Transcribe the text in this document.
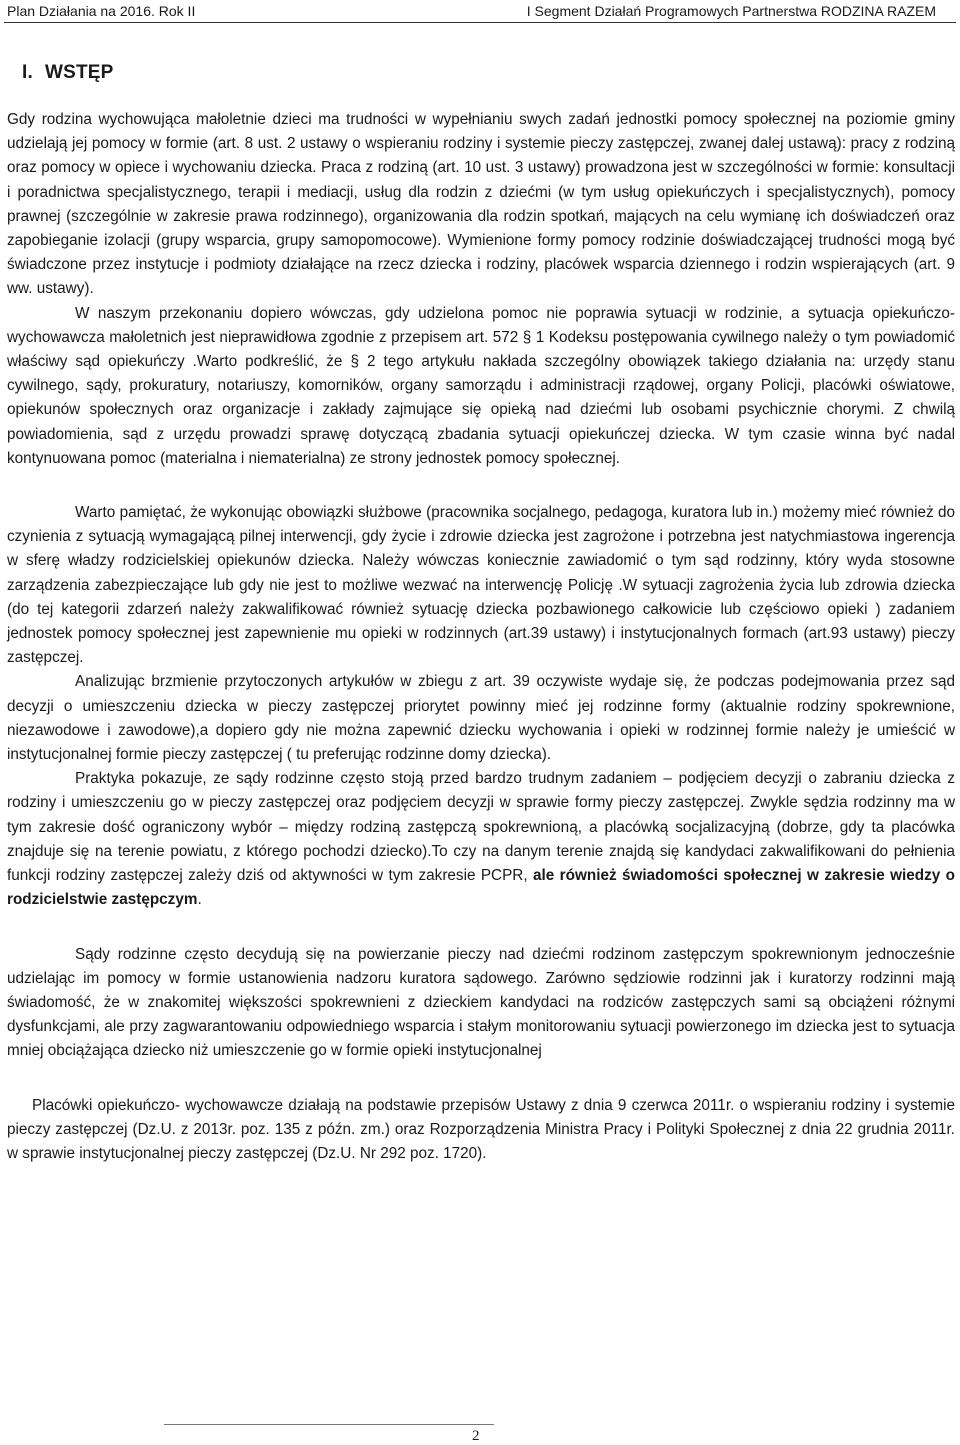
Plan Działania na 2016. Rok II	I Segment Działań Programowych Partnerstwa RODZINA RAZEM
I. WSTĘP

Gdy rodzina wychowująca małoletnie dzieci ma trudności w wypełnianiu swych zadań jednostki pomocy społecznej na poziomie gminy udzielają jej pomocy w formie (art. 8 ust. 2 ustawy o wspieraniu rodziny i systemie pieczy zastępczej, zwanej dalej ustawą): pracy z rodziną oraz pomocy w opiece i wychowaniu dziecka. Praca z rodziną (art. 10 ust. 3 ustawy) prowadzona jest w szczególności w formie: konsultacji i poradnictwa specjalistycznego, terapii i mediacji, usług dla rodzin z dziećmi (w tym usług opiekuńczych i specjalistycznych), pomocy prawnej (szczególnie w zakresie prawa rodzinnego), organizowania dla rodzin spotkań, mających na celu wymianę ich doświadczeń oraz zapobieganie izolacji (grupy wsparcia, grupy samopomocowe). Wymienione formy pomocy rodzinie doświadczającej trudności mogą być świadczone przez instytucje i podmioty działające na rzecz dziecka i rodziny, placówek wsparcia dziennego i rodzin wspierających (art. 9 ww. ustawy).

W naszym przekonaniu dopiero wówczas, gdy udzielona pomoc nie poprawia sytuacji w rodzinie, a sytuacja opiekuńczo-wychowawcza małoletnich jest nieprawidłowa zgodnie z przepisem art. 572 § 1 Kodeksu postępowania cywilnego należy o tym powiadomić właściwy sąd opiekuńczy .Warto podkreślić, że § 2 tego artykułu nakłada szczególny obowiązek takiego działania na: urzędy stanu cywilnego, sądy, prokuratury, notariuszy, komorników, organy samorządu i administracji rządowej, organy Policji, placówki oświatowe, opiekunów społecznych oraz organizacje i zakłady zajmujące się opieką nad dziećmi lub osobami psychicznie chorymi. Z chwilą powiadomienia, sąd z urzędu prowadzi sprawę dotyczącą zbadania sytuacji opiekuńczej dziecka. W tym czasie winna być nadal kontynuowana pomoc (materialna i niematerialna) ze strony jednostek pomocy społecznej.

Warto pamiętać, że wykonując obowiązki służbowe (pracownika socjalnego, pedagoga, kuratora lub in.) możemy mieć również do czynienia z sytuacją wymagającą pilnej interwencji, gdy życie i zdrowie dziecka jest zagrożone i potrzebna jest natychmiastowa ingerencja w sferę władzy rodzicielskiej opiekunów dziecka. Należy wówczas koniecznie zawiadomić o tym sąd rodzinny, który wyda stosowne zarządzenia zabezpieczające lub gdy nie jest to możliwe wezwać na interwencję Policję .W sytuacji zagrożenia życia lub zdrowia dziecka (do tej kategorii zdarzeń należy zakwalifikować również sytuację dziecka pozbawionego całkowicie lub częściowo opieki ) zadaniem jednostek pomocy społecznej jest zapewnienie mu opieki w rodzinnych (art.39 ustawy) i instytucjonalnych formach (art.93 ustawy) pieczy zastępczej.

Analizując brzmienie przytoczonych artykułów w zbiegu z art. 39 oczywiste wydaje się, że podczas podejmowania przez sąd decyzji o umieszczeniu dziecka w pieczy zastępczej priorytet powinny mieć jej rodzinne formy (aktualnie rodziny spokrewnione, niezawodowe i zawodowe),a dopiero gdy nie można zapewnić dziecku wychowania i opieki w rodzinnej formie należy je umieścić w instytucjonalnej formie pieczy zastępczej ( tu preferując rodzinne domy dziecka).

Praktyka pokazuje, ze sądy rodzinne często stoją przed bardzo trudnym zadaniem – podjęciem decyzji o zabraniu dziecka z rodziny i umieszczeniu go w pieczy zastępczej oraz podjęciem decyzji w sprawie formy pieczy zastępczej. Zwykle sędzia rodzinny ma w tym zakresie dość ograniczony wybór – między rodziną zastępczą spokrewnioną, a placówką socjalizacyjną (dobrze, gdy ta placówka znajduje się na terenie powiatu, z którego pochodzi dziecko).To czy na danym terenie znajdą się kandydaci zakwalifikowani do pełnienia funkcji rodziny zastępczej zależy dziś od aktywności w tym zakresie PCPR, ale również świadomości społecznej w zakresie wiedzy o rodzicielstwie zastępczym.

Sądy rodzinne często decydują się na powierzanie pieczy nad dziećmi rodzinom zastępczym spokrewnionym jednocześnie udzielając im pomocy w formie ustanowienia nadzoru kuratora sądowego. Zarówno sędziowie rodzinni jak i kuratorzy rodzinni mają świadomość, że w znakomitej większości spokrewnieni z dzieckiem kandydaci na rodziców zastępczych sami są obciążeni różnymi dysfunkcjami, ale przy zagwarantowaniu odpowiedniego wsparcia i stałym monitorowaniu sytuacji powierzonego im dziecka jest to sytuacja mniej obciążająca dziecko niż umieszczenie go w formie opieki instytucjonalnej

Placówki opiekuńczo- wychowawcze działają na podstawie przepisów Ustawy z dnia 9 czerwca 2011r. o wspieraniu rodziny i systemie pieczy zastępczej (Dz.U. z 2013r. poz. 135 z późn. zm.) oraz Rozporządzenia Ministra Pracy i Polityki Społecznej z dnia 22 grudnia 2011r. w sprawie instytucjonalnej pieczy zastępczej (Dz.U. Nr 292 poz. 1720).

2
